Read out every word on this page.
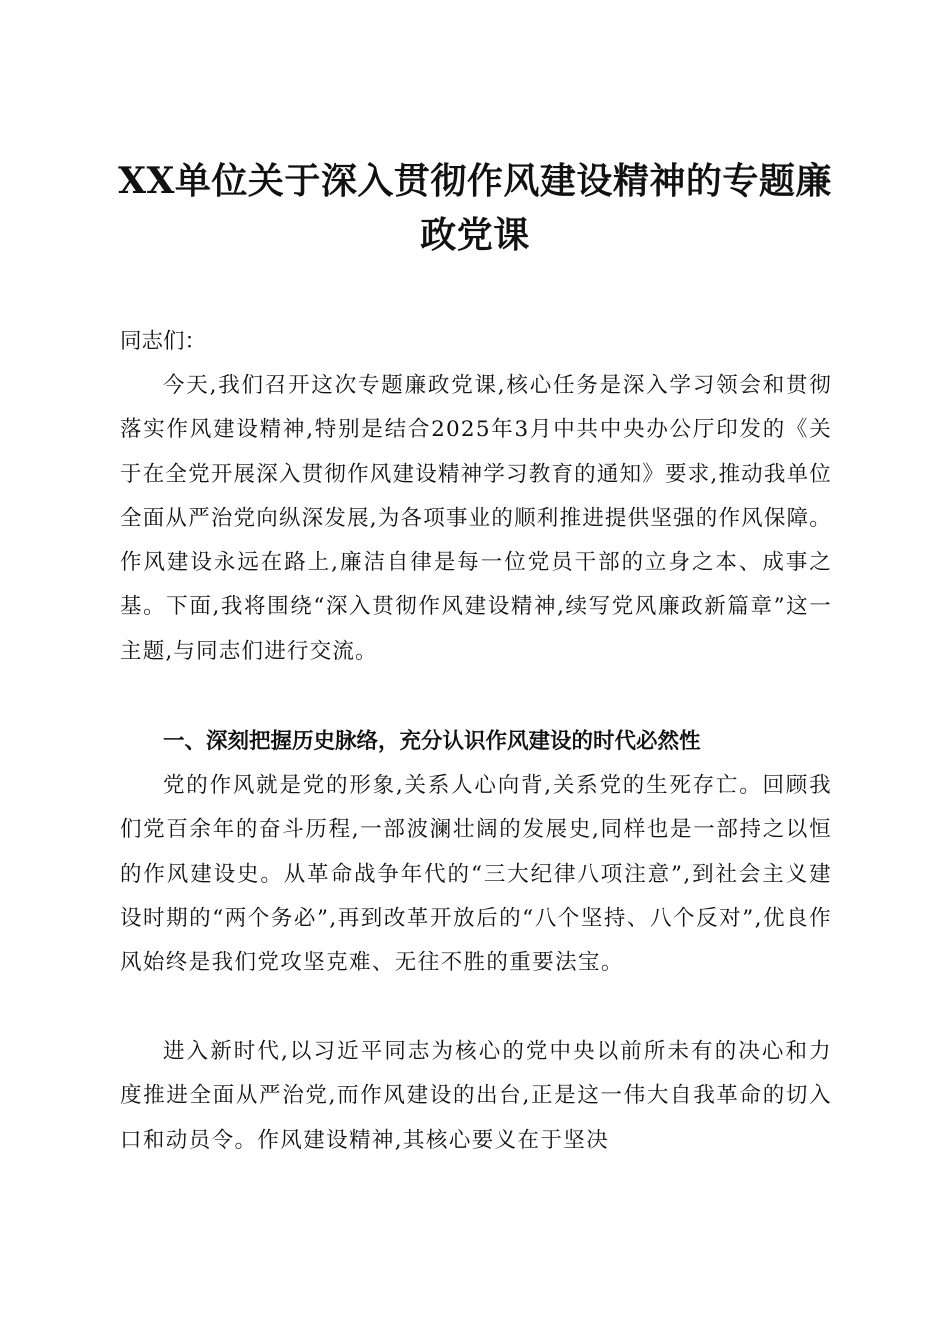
XX单位关于深入贯彻作风建设精神的专题廉
政党课

同志们：

今天,我们召开这次专题廉政党课,核心任务是深入学习领会和贯彻落实作风建设精神,特别是结合2025年3月中共中央办公厅印发的《关于在全党开展深入贯彻作风建设精神学习教育的通知》要求,推动我单位全面从严治党向纵深发展,为各项事业的顺利推进提供坚强的作风保障。作风建设永远在路上,廉洁自律是每一位党员干部的立身之本、成事之基。下面,我将围绕“深入贯彻作风建设精神,续写党风廉政新篇章”这一主题,与同志们进行交流。

一、深刻把握历史脉络，充分认识作风建设的时代必然性

党的作风就是党的形象,关系人心向背,关系党的生死存亡。回顾我们党百余年的奋斗历程,一部波澜壮阔的发展史,同样也是一部持之以恒的作风建设史。从革命战争年代的“三大纪律八项注意”,到社会主义建设时期的“两个务必”,再到改革开放后的“八个坚持、八个反对”,优良作风始终是我们党攻坚克难、无往不胜的重要法宝。

进入新时代,以习近平同志为核心的党中央以前所未有的决心和力度推进全面从严治党,而作风建设的出台,正是这一伟大自我革命的切入口和动员令。作风建设精神,其核心要义在于坚决
